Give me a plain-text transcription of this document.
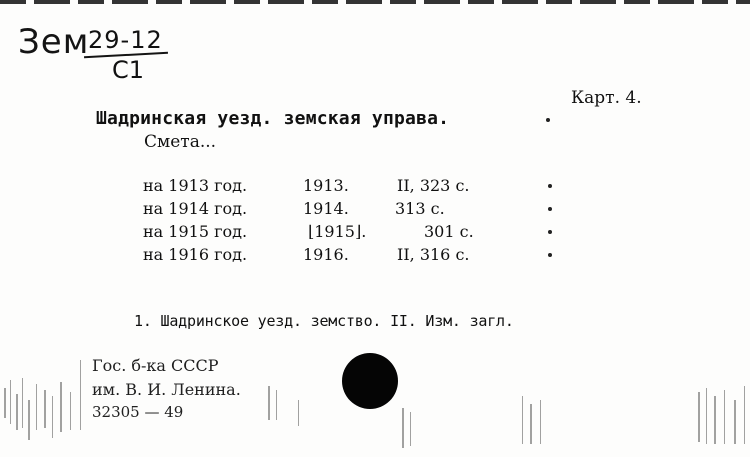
Зем
29-12
C1
Карт. 4.
Шадринская уезд. земская управа.
Смета...
на 1913 год.	1913.	II, 323 с.
на 1914 год.	1914.	313 с.
на 1915 год.	⌊1915⌋.	301 с.
на 1916 год.	1916.	II, 316 с.
1. Шадринское уезд. земство. II. Изм. загл.
Гос. б-ка СССР
им. В. И. Ленина.
32305 — 49
